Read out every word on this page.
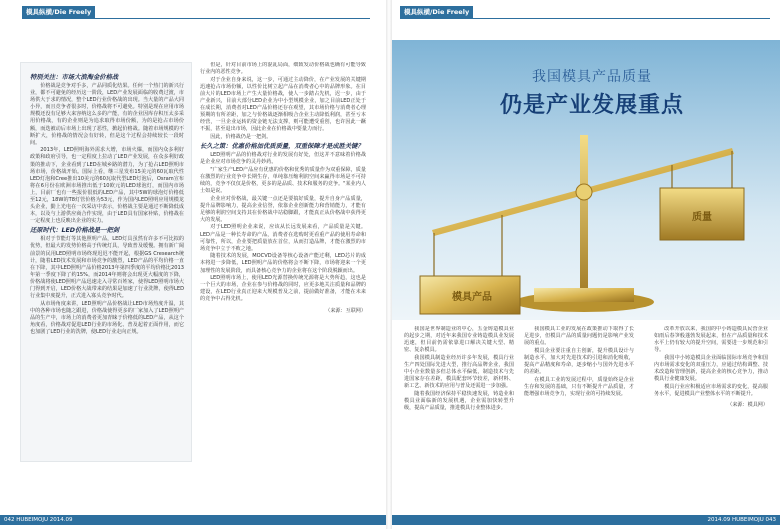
模具纵横/Die Freely

特別关注：市场大浪淘金价格战

价格战是竞争对手多，产品同质化结果。任何一个热门的新兴行业，都不可避免的经历这一阶段，LED产业发展面临的收费过渡，市场供大于求的情况，整个LED行业价格战的出现。当大量的产品大同小异，而且竞争者很多时，价格战将不可避免。特别是现在应用市场规模还没有足够大来容纳这么多的产能，有的企业因库存积压太多采用价格战，有的企业则是为追求取得市场份额，为的是抢占市场份额，而迭被动后市场上出现了恶性，掀起价格战。随着市场规模的不断扩大，价格战的情况会有好转，但是这个过程会持续较长一段时间。

2013年，LED照明海外需求大增，市场火爆，而国内众多利好政策和政府引导，也一定程度上拉动了LED产业发展，在众多利好政策的推动下，企业看到了LED在城乡路的潜力，为了抢占LED照明市场市场，价格战开始。国际上看，继三星发布15美元的60瓦取代性LED灯泡和Cree推出10美元的60瓦取代型LED灯泡后，Osram宣布将在6月份在欧洲市场推出低于10欧元的LED球泡灯，而国内市场上，目前厂也有一些报价很低的LED产品，其中5W的球泡灯价格低至12元，18W的T8灯管价格为53元，作为国内LED照明应用规模龙头企业，勤上光电在一次采访中表示，价格战主要是通过不断降低成本，以及与上游供应商合作实现，由于LED具有国家补贴，价格战在一定程度上也反映出企业的实力。

还原时代：LED价格战是一把剑

相对于节能灯等其他照明产品，LED灯具虽然有许多不可比拟的优势，但最大的发势价格高于传统灯具，导致普及缓慢。拥有新广阔前景的民用LED照明市场终现迟迟不能开起，根据GS Cresearch统计，随着LED技术发展和市场竞争的激烈，LED产品的平均价格一直在下降，其中LED照明产品价格2013年第四季度的平均价格比2013年第一季度下降了约15%，而2014年则将会出现更大幅度的下降，价格战将使LED照明产品迅速走入寻常百姓家，使得LED照明市场大门得到开启，LED价格大战带来的结果是加速了行业洗牌，使得LED行业集中度提升，正式进入寡头竞争时代。

从市场角度来讲，LED照明产品价格战让LED市场热度升温，其中的各种市场也随之跟进，价格战使得更多的厂家加入了LED照明产品的生产中，市场上的消费者更加青睐于价格低的LED产品，从这个角度看，价格战对促进LED行业的市场化、普及起着正面作用，而它也加剧了LED行业的洗牌，使LED行业走向正规。

但是，针对目前市场上的混乱局面，细致发动价格战也确有可能导致行业内的恶性竞争。

对于企业自身来说，这一步，可通过主动降价，在产业发展的关键期迅速抢占市场份额，以性价比树立起产品在消费者心中的品牌形象。在目前大片的LED市场上产生大量价格战，使人一步踏占先机，迟一步，由于产业新兴，目前大部分LED企业为中小型规模企业，加之目前LED正处于在成长期，消费者对LED产品价格还存在观望，其市场价格与消费者心理预期的有所差距，加之与价格战逐渐相吸合企业主动降低利润，甚至亏本经营，一旦企业运转的资金链无法支撑，则可能遭受重创，也许因此一蹶不振，甚至退出市场，因此企业在价格战中要量力而行。

因此，价格战仍是一把剑。

长久之策：优惠价格加优质质量，双重保障才是成胜关键？

LED照明产品的价格战对行业的发展有好处，但这并不意味着价格战是企业应对市场竞争的灵丹妙药。

"广家生产LED产品应有优惠的价格和优秀的质量作为双重保障，质量在激烈的行业竞争中长期生存，单纯靠压缩利润空间来赢得市场是不可持续的，竞争不仅仅是价格，更多的是品质、技术和服务的竞争。"某业内人士如是说。

企业应对价格战，最关键一点还是要搞好质量，提升自身产品质量，提升品牌影响力，提高企业信誉，依靠企业创新能力和营销能力，才能有足够的利润空间支持其在价格战中站稳脚跟，才能真正从价格战中获得更大的发展。

对于LED照明企业来说，应该从长远发展来看，产品质量是关键。LED产品是一种长寿命的产品，消费者在选购时更看重产品的使用寿命和可靠性，所以，企业要把质量放在首位，从而打造品牌，才能在激烈的市场竞争中立于不败之地。

随着技术的发展，MOCVD设备等核心设备产能过剩，LED芯片的成本将进一步降低，LED照明产品的价格将会不断下降，市场将迎来一个更加理性的发展阶段，而具备核心竞争力的企业将在这个阶段脱颖而出。

LED照明市场上，使用LED光源替换传统光源将是大势所趋，这也是一个巨大的市场，企业在参与价格战的同时，应更多地关注质量和品牌的建设，在LED行业真正迎来大规模普及之前，提前做好准备，才能在未来的竞争中占得先机。

（来源：互联网）

042 HUBEIMOJU 2014.09
模具纵横/Die Freely
我国模具产品质量
仍是产业发展重点
模具产品
质量

我国是世界制造业的中心，五金铸造模具业的起步之期，对近年来我国专业铸造模具业发展迅速，但目前仍需依靠进口解决关键大型、精密、复杂模具。

我国模具制造业经历许多年发展，模具行业生产四处国际先进大型，推行高品牌企业，我国中小企业数量多但总体水平偏低，制造技术与先进国家存在差距，模具配套环节较差，新材料、新工艺、新技术的应用与普及还需进一步加强。

随着我国经济保持平稳快速发展，铸造业和模具业面临新的发展机遇，企业需加快转型升级，提高产品质量，推进模具行业整体进步。

我国模具工业的发展在政策推动下取得了长足进步，但模具产品的质量问题仍是影响产业发展的重点。

模具企业要注重自主创新，提升模具设计与制造水平，加大对先进技术的引进和消化吸收，提高产品精度和寿命，逐步缩小与国外先进水平的差距。

在模具工业的发展过程中，质量始终是企业生存和发展的基础，只有不断提升产品质量，才能增强市场竞争力，实现行业的可持续发展。

改革开放以来，我国的中小铸造模具民营企业如雨后春笋般蓬勃发展起来，但在产品质量和技术水平上仍有较大的提升空间，需要进一步规范和引导。

我国中小铸造模具企业面临国际市场竞争和国内市场需求变化的双重压力，应通过结构调整、技术改造和管理创新，提高企业的核心竞争力，推动模具行业健康发展。

模具行业应积极适应市场需求的变化，提高服务水平，促进模具产业整体水平的不断提升。

（来源：模具网）

2014.09 HUBEIMOJU 043
